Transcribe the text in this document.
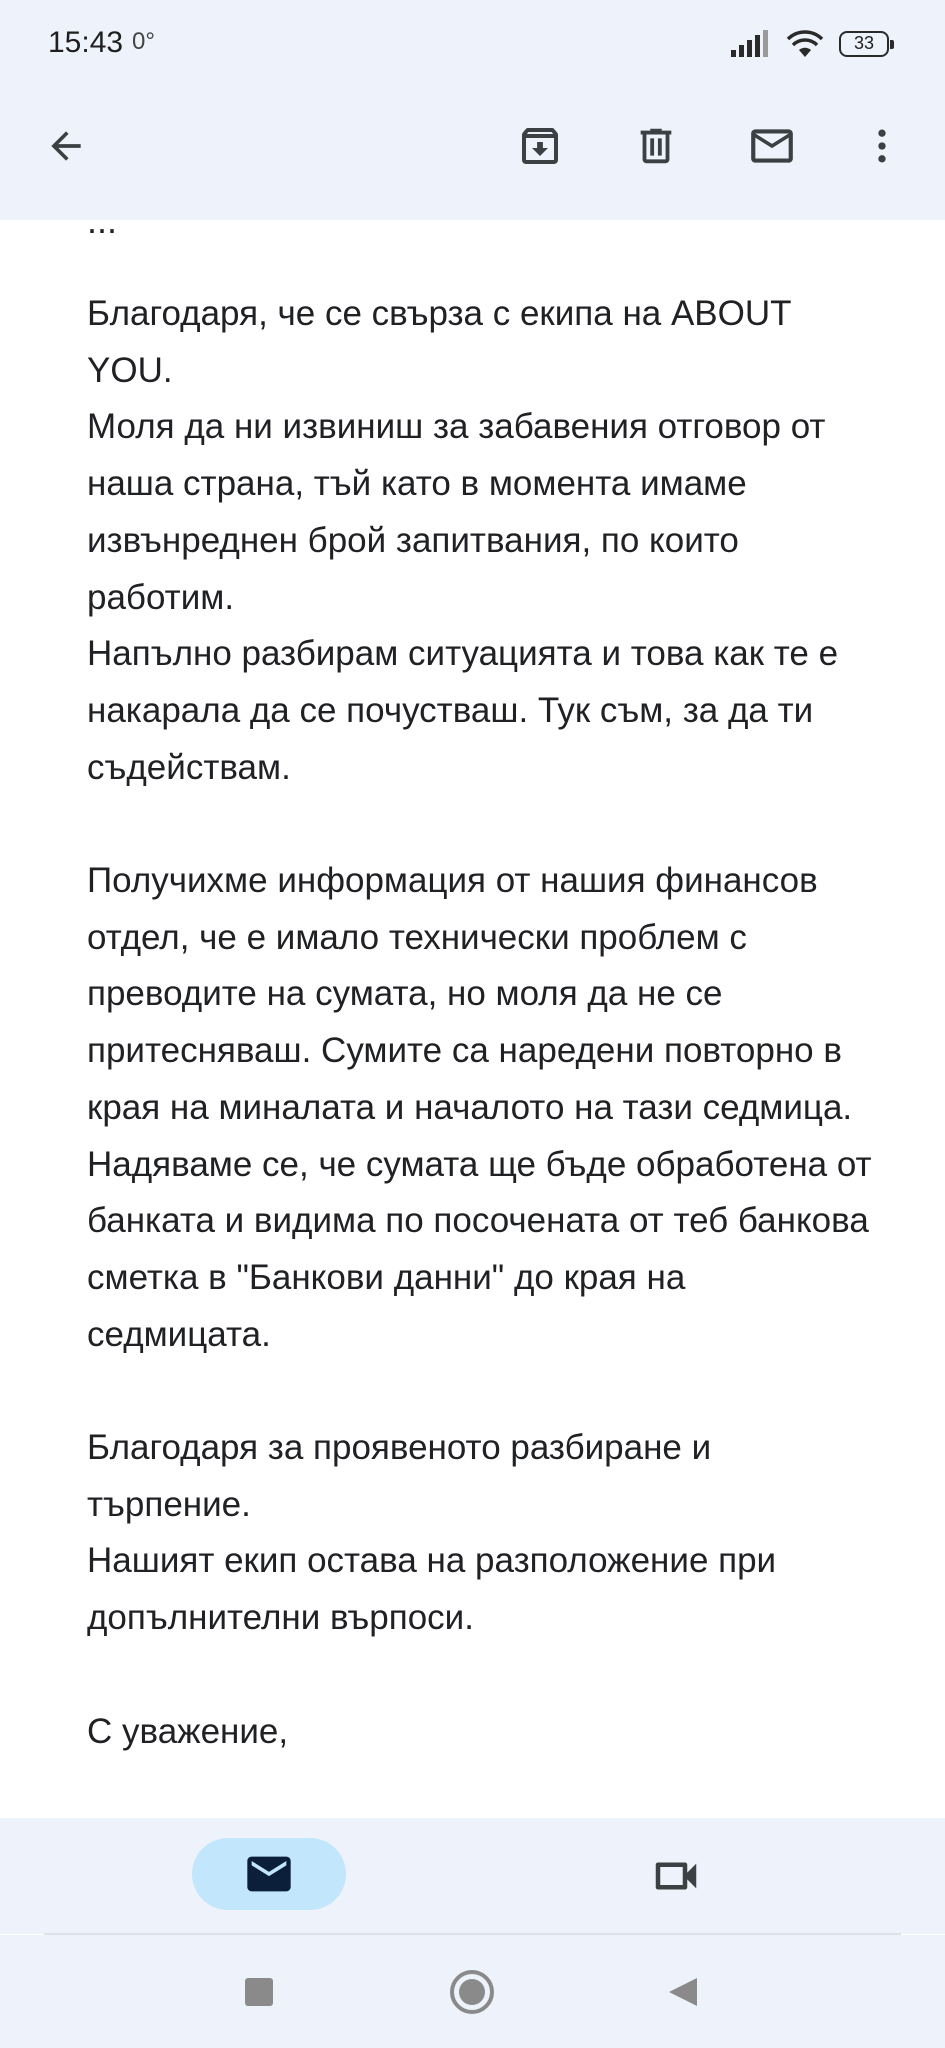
15:43 0°	33
...

Благодаря, че се свърза с екипа на ABOUT YOU.

Моля да ни извиниш за забавения отговор от наша страна, тъй като в момента имаме извънреднен брой запитвания, по които работим.

Напълно разбирам ситуацията и това как те е накарала да се почустваш. Тук съм, за да ти съдействам.

Получихме информация от нашия финансов отдел, че е имало технически проблем с преводите на сумата, но моля да не се притесняваш. Сумите са наредени повторно в края на миналата и началото на тази седмица. Надяваме се, че сумата ще бъде обработена от банката и видима по посочената от теб банкова сметка в "Банкови данни" до края на седмицата.

Благодаря за проявеното разбиране и търпение.

Нашият екип остава на разположение при допълнителни върпоси.

С уважение,
